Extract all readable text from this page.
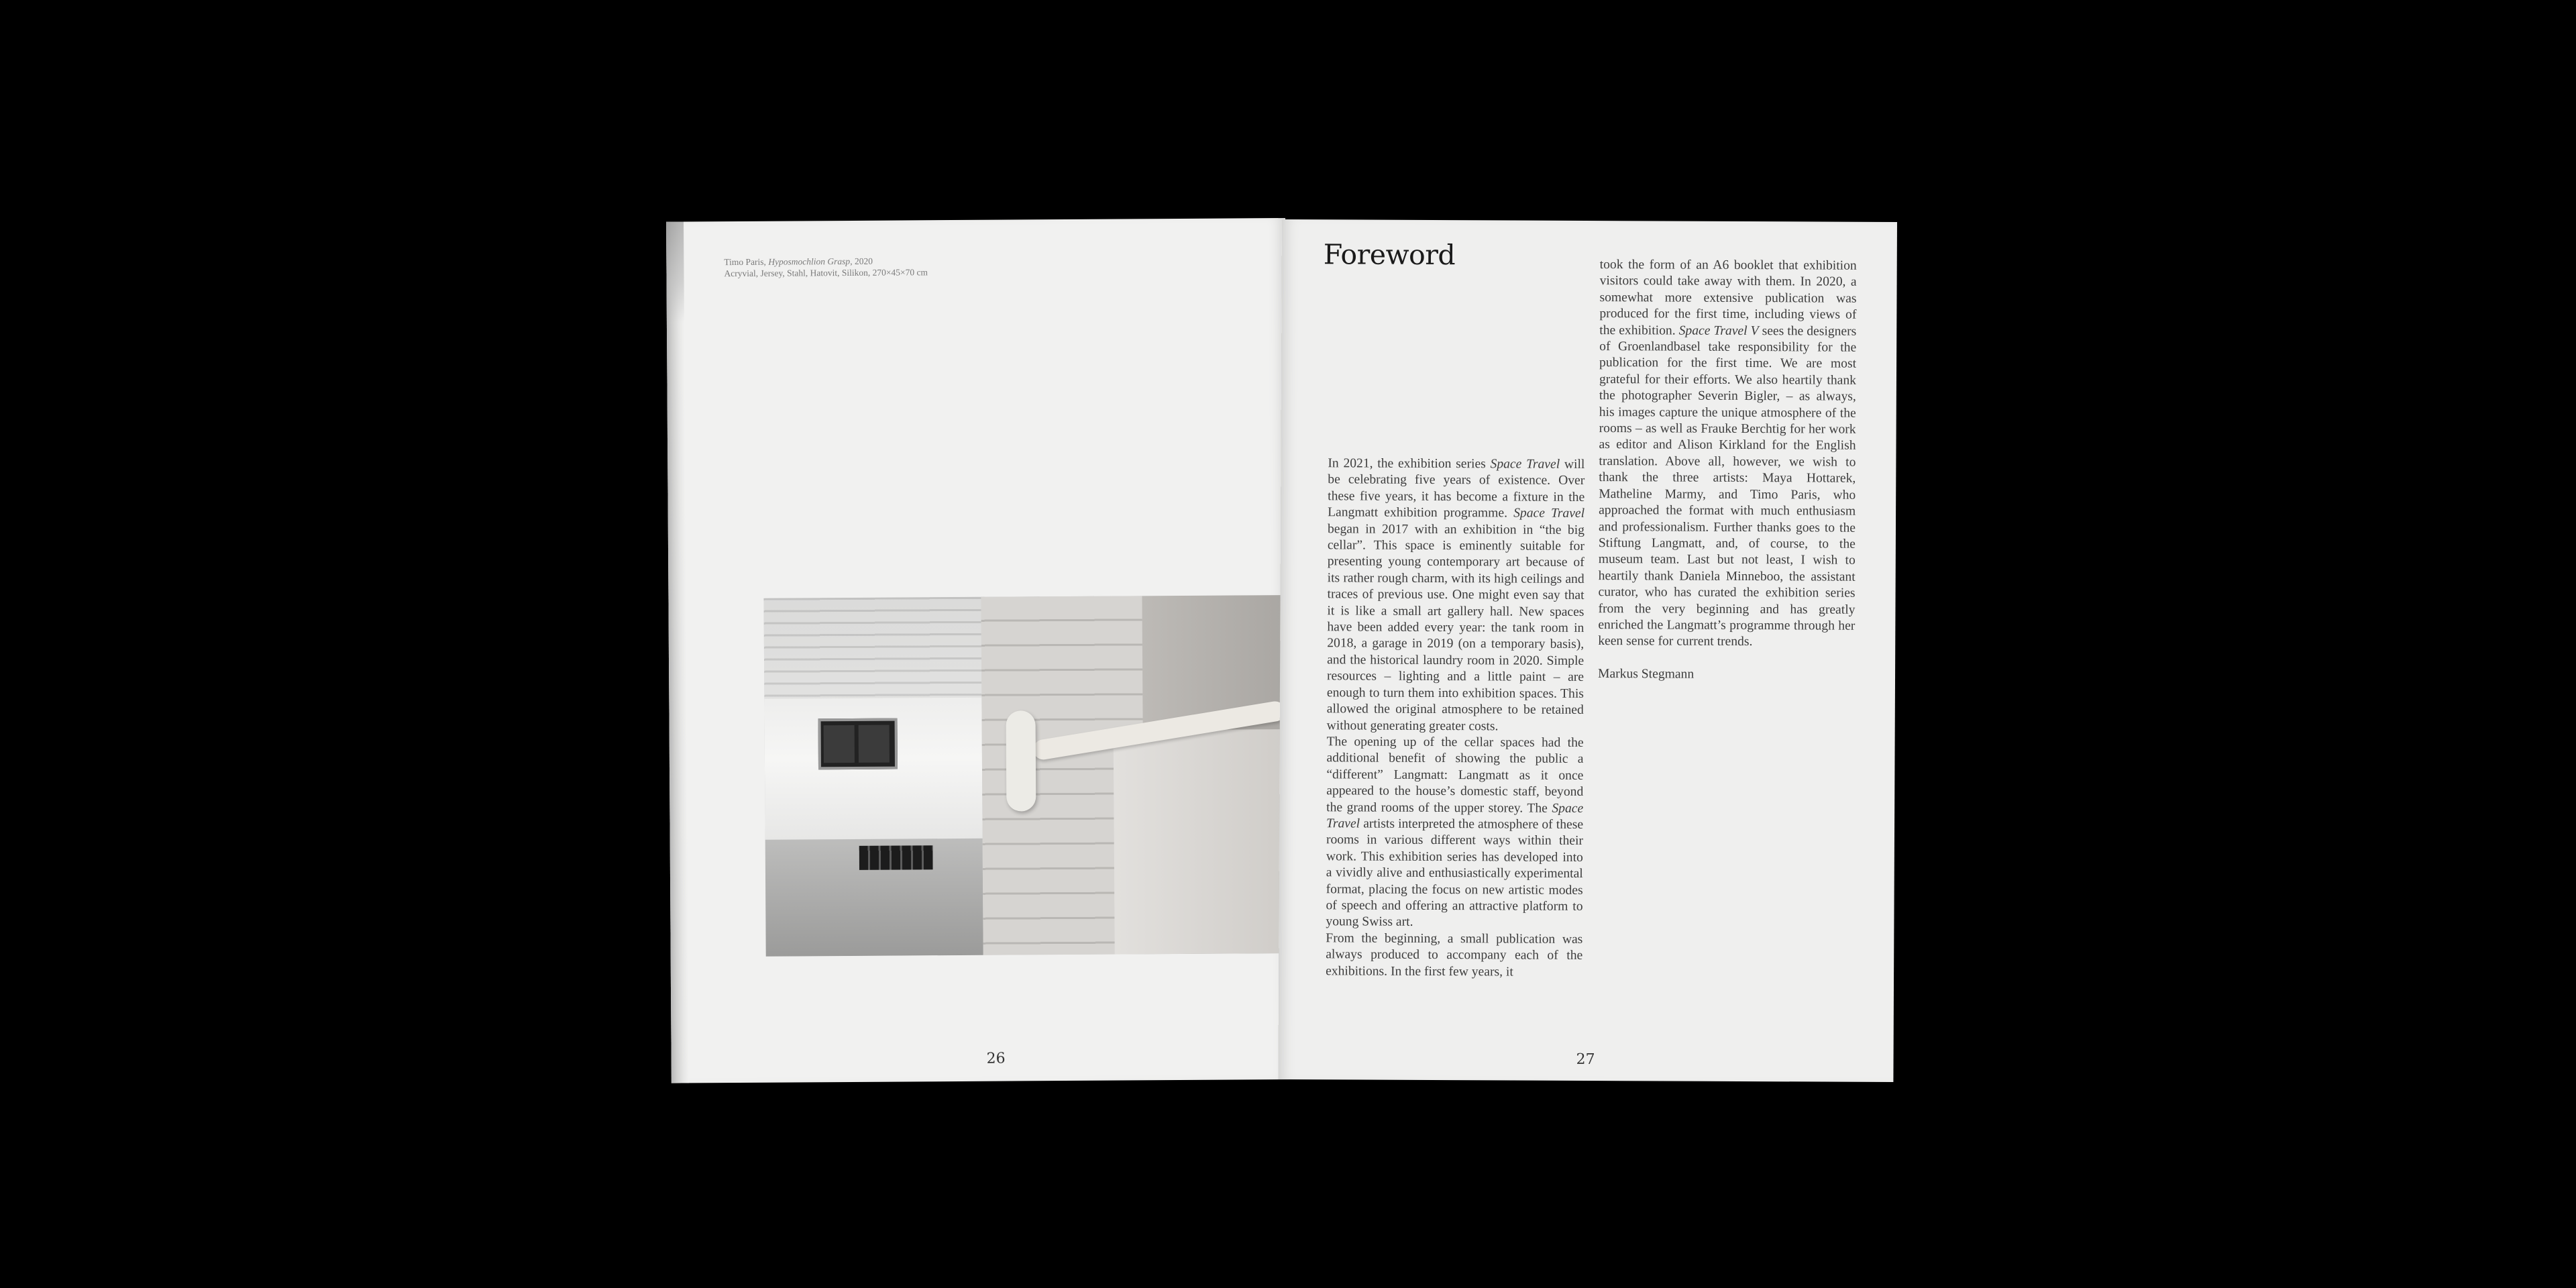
Timo Paris, Hyposmochlion Grasp, 2020
Acryvial, Jersey, Stahl, Hatovit, Silikon, 270×45×70 cm
26
Foreword

In 2021, the exhibition series Space Travel will be celebrating five years of existence. Over these five years, it has become a fixture in the Langmatt exhibition programme. Space Travel began in 2017 with an exhibition in “the big cellar”. This space is eminently suitable for presenting young contemporary art because of its rather rough charm, with its high ceilings and traces of previous use. One might even say that it is like a small art gallery hall. New spaces have been added every year: the tank room in 2018, a garage in 2019 (on a temporary basis), and the historical laundry room in 2020. Simple resources – lighting and a little paint – are enough to turn them into exhibition spaces. This allowed the original atmosphere to be retained without generating greater costs.

The opening up of the cellar spaces had the additional benefit of showing the public a “different” Langmatt: Langmatt as it once appeared to the house’s domestic staff, beyond the grand rooms of the upper storey. The Space Travel artists interpreted the atmosphere of these rooms in various different ways within their work. This exhibition series has developed into a vividly alive and enthusiastically experimental format, placing the focus on new artistic modes of speech and offering an attractive platform to young Swiss art.

From the beginning, a small publication was always produced to accompany each of the exhibitions. In the first few years, it

took the form of an A6 booklet that exhibition visitors could take away with them. In 2020, a somewhat more extensive publication was produced for the first time, including views of the exhibition. Space Travel V sees the designers of Groenlandbasel take responsibility for the publication for the first time. We are most grateful for their efforts. We also heartily thank the photographer Severin Bigler, – as always, his images capture the unique atmosphere of the rooms – as well as Frauke Berchtig for her work as editor and Alison Kirkland for the English translation. Above all, however, we wish to thank the three artists: Maya Hottarek, Matheline Marmy, and Timo Paris, who approached the format with much enthusiasm and professionalism. Further thanks goes to the Stiftung Langmatt, and, of course, to the museum team. Last but not least, I wish to heartily thank Daniela Minneboo, the assistant curator, who has curated the exhibition series from the very beginning and has greatly enriched the Langmatt’s programme through her keen sense for current trends.

Markus Stegmann

27
